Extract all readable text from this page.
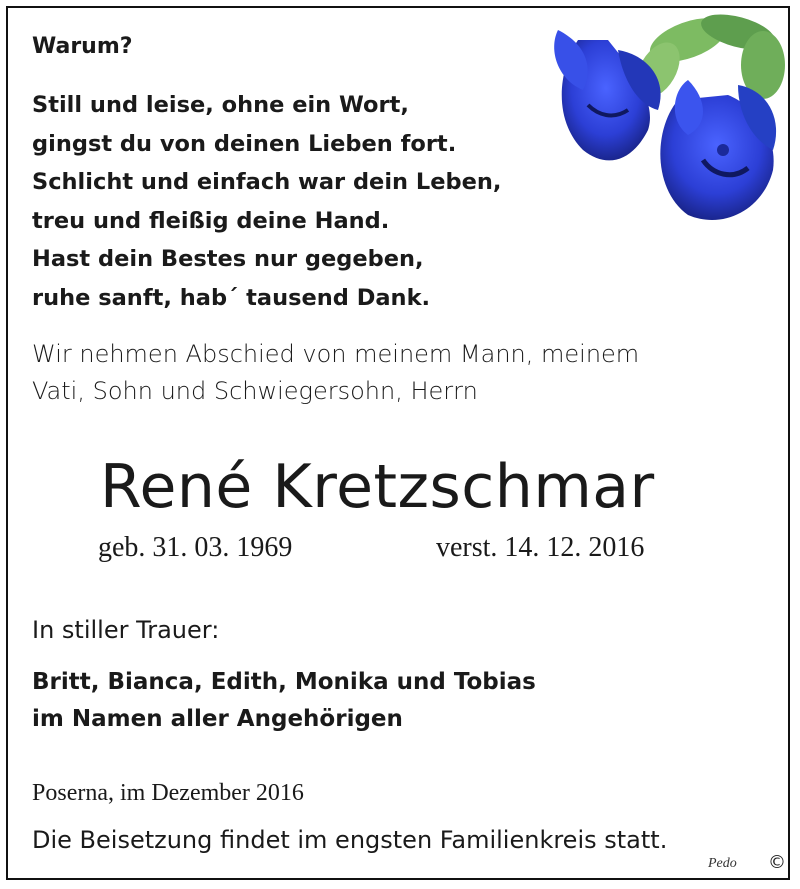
Warum?
Still und leise, ohne ein Wort,
gingst du von deinen Lieben fort.
Schlicht und einfach war dein Leben,
treu und fleißig deine Hand.
Hast dein Bestes nur gegeben,
ruhe sanft, hab´ tausend Dank.
Wir nehmen Abschied von meinem Mann, meinem
Vati, Sohn und Schwiegersohn, Herrn
René Kretzschmar
geb. 31. 03. 1969	verst. 14. 12. 2016
In stiller Trauer:
Britt, Bianca, Edith, Monika und Tobias
im Namen aller Angehörigen
Poserna, im Dezember 2016
Die Beisetzung findet im engsten Familienkreis statt.
Pedo ©
